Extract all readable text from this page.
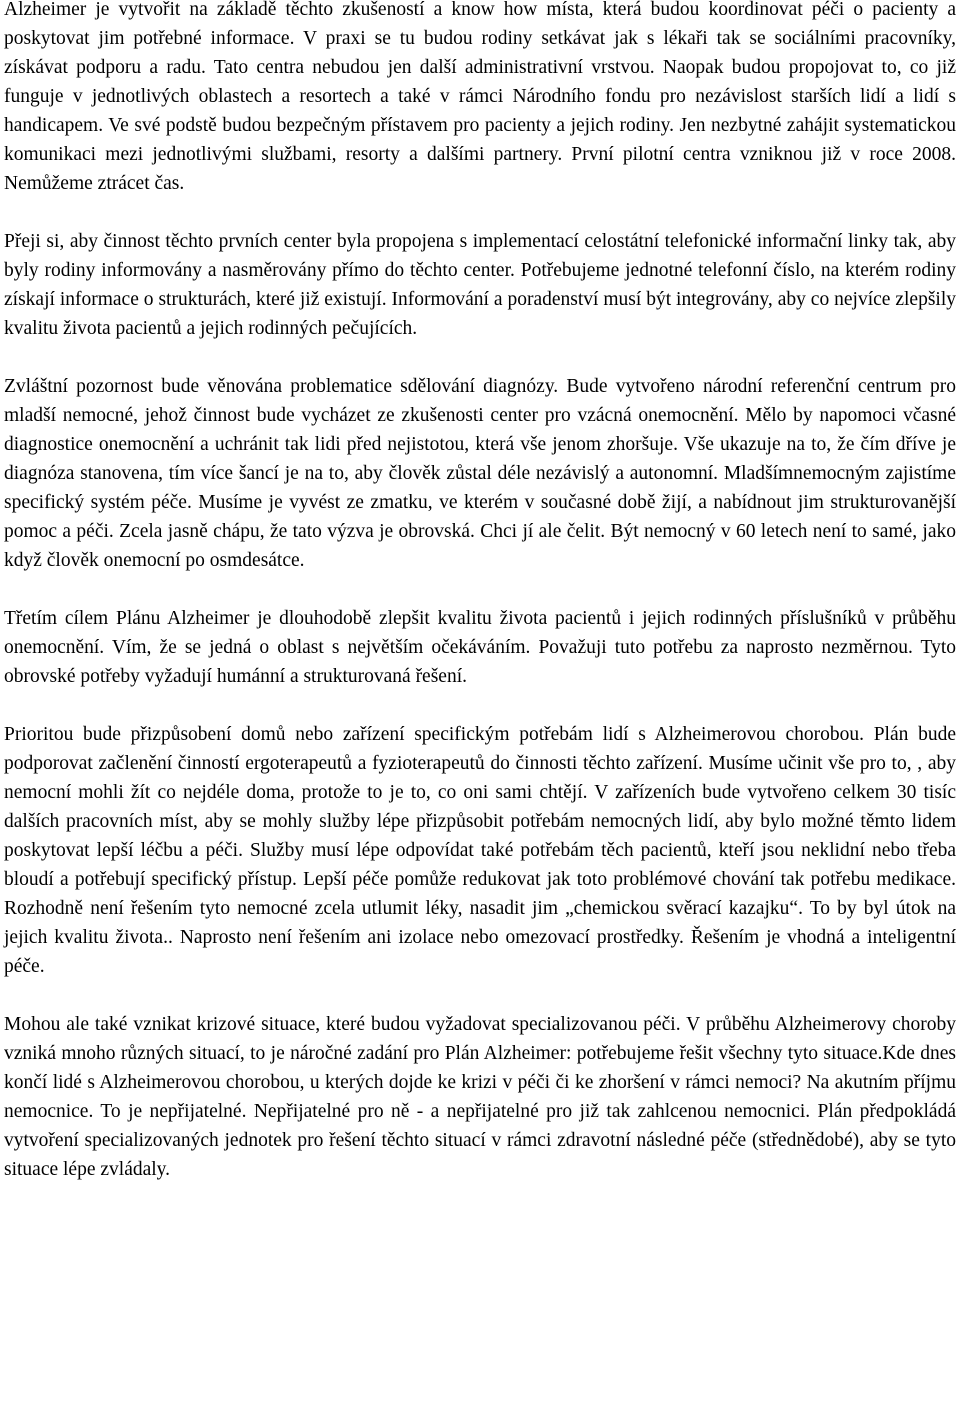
Alzheimer je vytvořit na základě těchto zkušeností a know how místa, která budou koordinovat péči o pacienty a poskytovat jim potřebné informace. V praxi se tu budou rodiny setkávat jak s lékaři tak se sociálními pracovníky, získávat podporu a radu. Tato centra nebudou jen další administrativní vrstvou. Naopak budou propojovat to, co již funguje v jednotlivých oblastech a resortech a také v rámci Národního fondu pro nezávislost starších lidí a lidí s handicapem. Ve své podstě budou bezpečným přístavem pro pacienty a jejich rodiny. Jen nezbytné zahájit systematickou komunikaci mezi jednotlivými službami, resorty a dalšími partnery. První pilotní centra vzniknou již v roce 2008. Nemůžeme ztrácet čas.

Přeji si, aby činnost těchto prvních center byla propojena s implementací celostátní telefonické informační linky tak, aby byly rodiny informovány a nasměrovány přímo do těchto center. Potřebujeme jednotné telefonní číslo, na kterém rodiny získají informace o strukturách, které již existují. Informování a poradenství musí být integrovány, aby co nejvíce zlepšily kvalitu života pacientů a jejich rodinných pečujících.

Zvláštní pozornost bude věnována problematice sdělování diagnózy. Bude vytvořeno národní referenční centrum pro mladší nemocné, jehož činnost bude vycházet ze zkušenosti center pro vzácná onemocnění. Mělo by napomoci včasné diagnostice onemocnění a uchránit tak lidi před nejistotou, která vše jenom zhoršuje. Vše ukazuje na to, že čím dříve je diagnóza stanovena, tím více šancí je na to, aby člověk zůstal déle nezávislý a autonomní. Mladšímnemocným zajistíme specifický systém péče. Musíme je vyvést ze zmatku, ve kterém v současné době žijí, a nabídnout jim strukturovanější pomoc a péči. Zcela jasně chápu, že tato výzva je obrovská. Chci jí ale čelit. Být nemocný v 60 letech není to samé, jako když člověk onemocní po osmdesátce.

Třetím cílem Plánu Alzheimer je dlouhodobě zlepšit kvalitu života pacientů i jejich rodinných příslušníků v průběhu onemocnění. Vím, že se jedná o oblast s největším očekáváním. Považuji tuto potřebu za naprosto nezměrnou. Tyto obrovské potřeby vyžadují humánní a strukturovaná řešení.

Prioritou bude přizpůsobení domů nebo zařízení specifickým potřebám lidí s Alzheimerovou chorobou. Plán bude podporovat začlenění činností ergoterapeutů a fyzioterapeutů do činnosti těchto zařízení. Musíme učinit vše pro to, , aby nemocní mohli žít co nejdéle doma, protože to je to, co oni sami chtějí. V zařízeních bude vytvořeno celkem 30 tisíc dalších pracovních míst, aby se mohly služby lépe přizpůsobit potřebám nemocných lidí, aby bylo možné těmto lidem poskytovat lepší léčbu a péči. Služby musí lépe odpovídat také potřebám těch pacientů, kteří jsou neklidní nebo třeba bloudí a potřebují specifický přístup. Lepší péče pomůže redukovat jak toto problémové chování tak potřebu medikace. Rozhodně není řešením tyto nemocné zcela utlumit léky, nasadit jim „chemickou svěrací kazajku“. To by byl útok na jejich kvalitu života.. Naprosto není řešením ani izolace nebo omezovací prostředky. Řešením je vhodná a inteligentní péče.

Mohou ale také vznikat krizové situace, které budou vyžadovat specializovanou péči. V průběhu Alzheimerovy choroby vzniká mnoho různých situací, to je náročné zadání pro Plán Alzheimer: potřebujeme řešit všechny tyto situace.Kde dnes končí lidé s Alzheimerovou chorobou, u kterých dojde ke krizi v péči či ke zhoršení v rámci nemoci? Na akutním příjmu nemocnice. To je nepřijatelné. Nepřijatelné pro ně - a nepřijatelné pro již tak zahlcenou nemocnici. Plán předpokládá vytvoření specializovaných jednotek pro řešení těchto situací v rámci zdravotní následné péče (střednědobé), aby se tyto situace lépe zvládaly.
